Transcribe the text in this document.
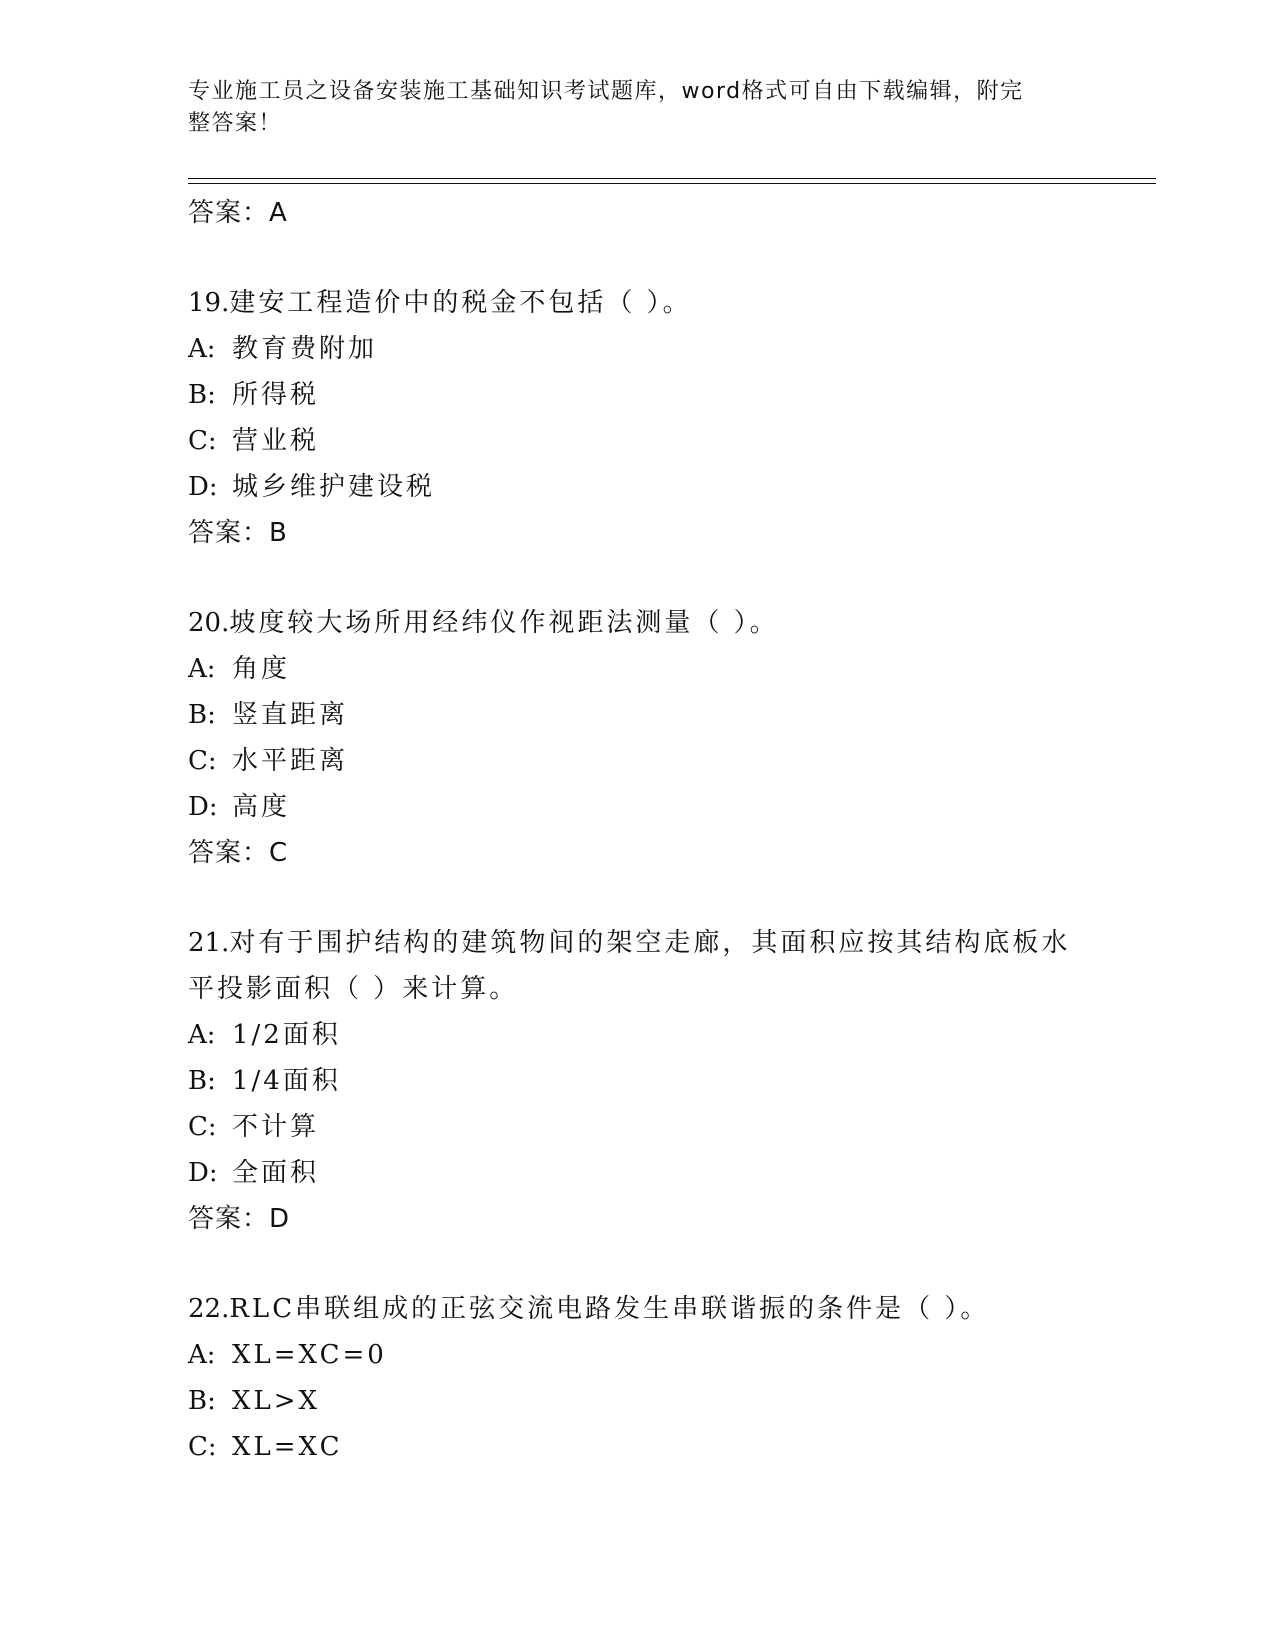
专业施工员之设备安装施工基础知识考试题库，word格式可自由下载编辑，附完
整答案！
答案：A
19.建安工程造价中的税金不包括（ ）。
A: 教育费附加
B: 所得税
C: 营业税
D: 城乡维护建设税
答案：B
20.坡度较大场所用经纬仪作视距法测量（ ）。
A: 角度
B: 竖直距离
C: 水平距离
D: 高度
答案：C
21.对有于围护结构的建筑物间的架空走廊，其面积应按其结构底板水
平投影面积（ ）来计算。
A: 1/2面积
B: 1/4面积
C: 不计算
D: 全面积
答案：D
22.RLC串联组成的正弦交流电路发生串联谐振的条件是（ ）。
A: XL=XC=0
B: XL>X
C: XL=XC
